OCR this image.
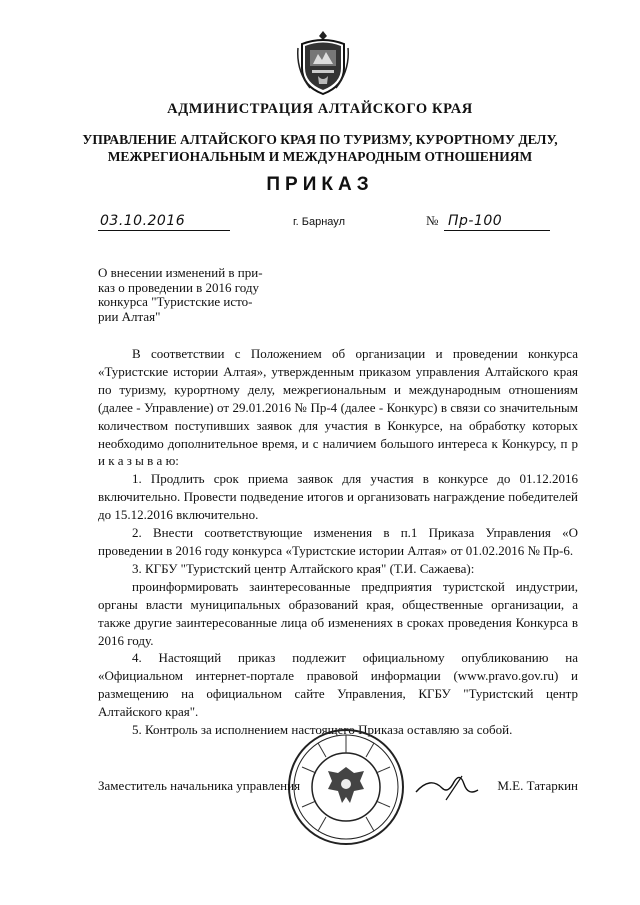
АДМИНИСТРАЦИЯ АЛТАЙСКОГО КРАЯ
УПРАВЛЕНИЕ АЛТАЙСКОГО КРАЯ ПО ТУРИЗМУ, КУРОРТНОМУ ДЕЛУ,
МЕЖРЕГИОНАЛЬНЫМ И МЕЖДУНАРОДНЫМ ОТНОШЕНИЯМ
ПРИКАЗ
03.10.2016	г. Барнаул	№ Пр-100
О внесении изменений в при-
каз о проведении в 2016 году
конкурса "Туристские исто-
рии Алтая"

В соответствии с Положением об организации и проведении конкурса «Туристские истории Алтая», утвержденным приказом управления Алтайского края по туризму, курортному делу, межрегиональным и международным отношениям (далее - Управление) от 29.01.2016 № Пр-4 (далее - Конкурс) в связи со значительным количеством поступивших заявок для участия в Конкурсе, на обработку которых необходимо дополнительное время, и с наличием большого интереса к Конкурсу, п р и к а з ы в а ю:

1. Продлить срок приема заявок для участия в конкурсе до 01.12.2016 включительно. Провести подведение итогов и организовать награждение победителей до 15.12.2016 включительно.

2. Внести соответствующие изменения в п.1 Приказа Управления «О проведении в 2016 году конкурса «Туристские истории Алтая» от 01.02.2016 № Пр-6.

3. КГБУ "Туристский центр Алтайского края" (Т.И. Сажаева):

проинформировать заинтересованные предприятия туристской индустрии, органы власти муниципальных образований края, общественные организации, а также другие заинтересованные лица об изменениях в сроках проведения Конкурса в 2016 году.

4. Настоящий приказ подлежит официальному опубликованию на «Официальном интернет-портале правовой информации (www.pravo.gov.ru) и размещению на официальном сайте Управления, КГБУ "Туристский центр Алтайского края".

5. Контроль за исполнением настоящего Приказа оставляю за собой.

Заместитель начальника управления	М.Е. Татаркин
